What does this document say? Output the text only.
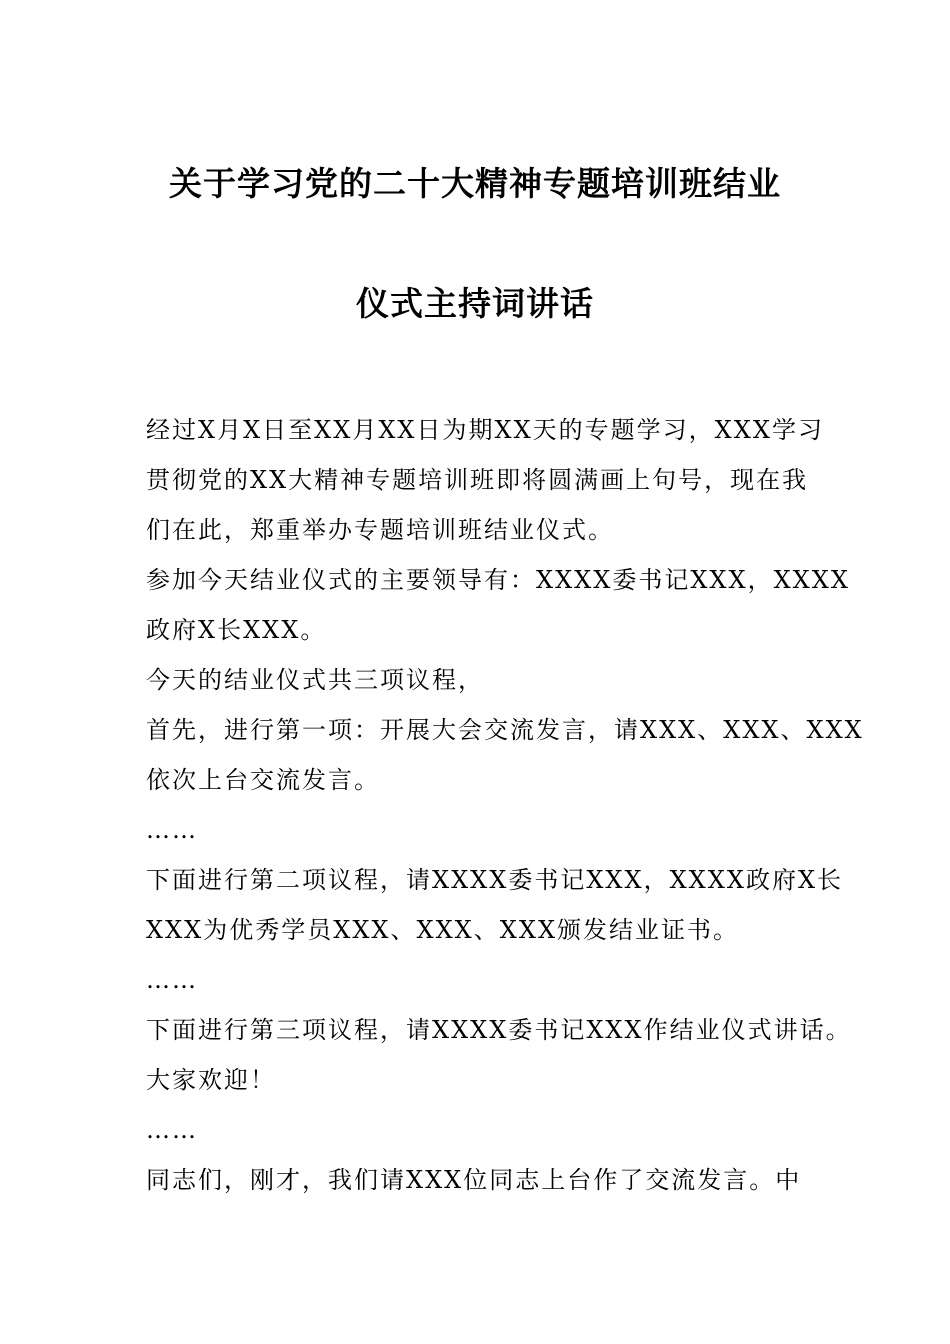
关于学习党的二十大精神专题培训班结业
仪式主持词讲话
经过X月X日至XX月XX日为期XX天的专题学习，XXX学习
贯彻党的XX大精神专题培训班即将圆满画上句号，现在我
们在此，郑重举办专题培训班结业仪式。
参加今天结业仪式的主要领导有：XXXX委书记XXX，XXXX
政府X长XXX。
今天的结业仪式共三项议程，
首先，进行第一项：开展大会交流发言，请XXX、XXX、XXX
依次上台交流发言。
……
下面进行第二项议程，请XXXX委书记XXX，XXXX政府X长
XXX为优秀学员XXX、XXX、XXX颁发结业证书。
……
下面进行第三项议程，请XXXX委书记XXX作结业仪式讲话。
大家欢迎！
……
同志们，刚才，我们请XXX位同志上台作了交流发言。中
